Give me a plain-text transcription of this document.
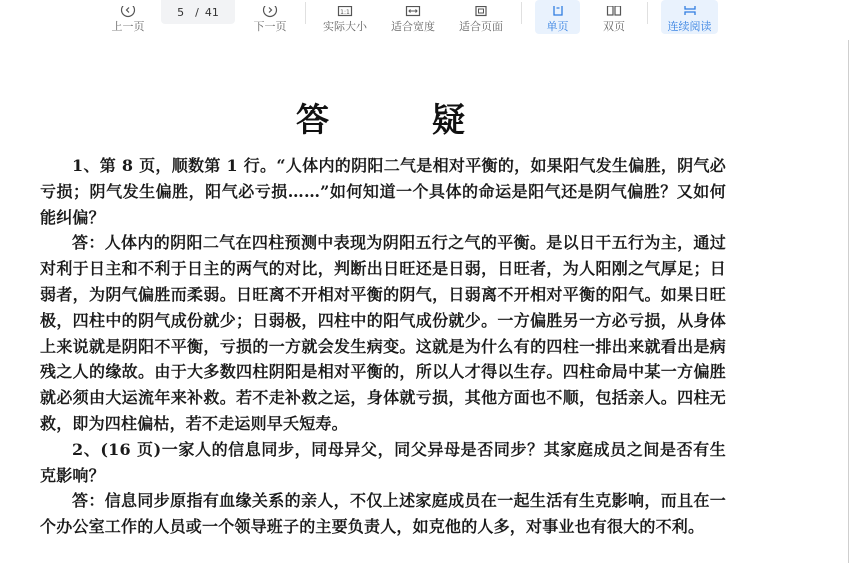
上一页
5 / 41
下一页
1:1
实际大小 适合宽度 适合页面	单页	双页	连续阅读
答	疑

1、第 8 页，顺数第 1 行。“人体内的阴阳二气是相对平衡的，如果阳气发生偏胜，阴气必亏损；阴气发生偏胜，阳气必亏损……”如何知道一个具体的命运是阳气还是阴气偏胜？又如何能纠偏？

答：人体内的阴阳二气在四柱预测中表现为阴阳五行之气的平衡。是以日干五行为主，通过对利于日主和不利于日主的两气的对比，判断出日旺还是日弱，日旺者，为人阳刚之气厚足；日弱者，为阴气偏胜而柔弱。日旺离不开相对平衡的阴气，日弱离不开相对平衡的阳气。如果日旺极，四柱中的阴气成份就少；日弱极，四柱中的阳气成份就少。一方偏胜另一方必亏损，从身体上来说就是阴阳不平衡，亏损的一方就会发生病变。这就是为什么有的四柱一排出来就看出是病残之人的缘故。由于大多数四柱阴阳是相对平衡的，所以人才得以生存。四柱命局中某一方偏胜就必须由大运流年来补救。若不走补救之运，身体就亏损，其他方面也不顺，包括亲人。四柱无救，即为四柱偏枯，若不走运则早夭短寿。

2、(16 页)一家人的信息同步，同母异父，同父异母是否同步？其家庭成员之间是否有生克影响？

答：信息同步原指有血缘关系的亲人，不仅上述家庭成员在一起生活有生克影响，而且在一个办公室工作的人员或一个领导班子的主要负责人，如克他的人多，对事业也有很大的不利。
